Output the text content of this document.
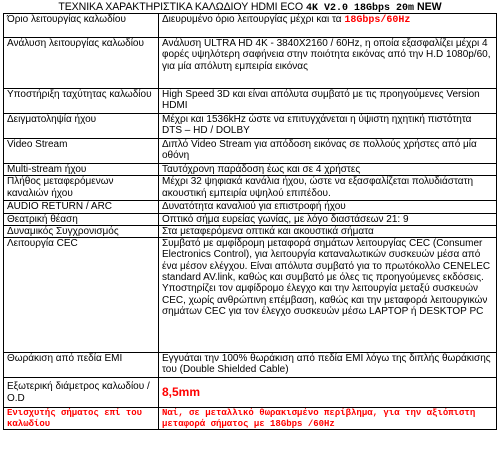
ΤΕΧΝΙΚΑ ΧΑΡΑΚΤΗΡΙΣΤΙΚΑ ΚΑΛΩΔΙΟΥ HDMI ECO 4K V2.0 18Gbps 20m NEW
Όριο λειτουργίας καλωδίου	Διευρυμένο όριο λειτουργίας μέχρι και τα 18Gbps/60Hz
Ανάλυση λειτουργίας καλωδίου	Ανάλυση ULTRA HD 4K - 3840X2160 / 60Hz, η οποία εξασφαλίζει μέχρι 4 φορές υψηλότερη σαφήνεια στην ποιότητα εικόνας από την H.D 1080p/60, για μία απόλυτη εμπειρία εικόνας
Υποστήριξη ταχύτητας καλωδίου	High Speed 3D και είναι απόλυτα συμβατό με τις προηγούμενες Version HDMI
Δειγματοληψία ήχου	Μέχρι και 1536kHz ώστε να επιτυγχάνεται η ύψιστη ηχητική πιστότητα DTS – HD / DOLBY
Video Stream	Διπλό Video Stream για απόδοση εικόνας σε πολλούς χρήστες από μία οθόνη
Multi-stream ήχου	Ταυτόχρονη παράδοση έως και σε 4 χρήστες
Πλήθος μεταφερόμενων καναλιών ήχου	Μέχρι 32 ψηφιακά κανάλια ήχου, ώστε να εξασφαλίζεται πολυδιάστατη ακουστική εμπειρία υψηλού επιπέδου.
AUDIO RETURN / ARC	Δυνατότητα καναλιού για επιστροφή ήχου
Θεατρική θέαση	Οπτικό σήμα ευρείας γωνίας, με λόγο διαστάσεων 21: 9
Δυναμικός Συγχρονισμός	Στα μεταφερόμενα οπτικά και ακουστικά σήματα
Λειτουργία CEC	Συμβατό με αμφίδρομη μεταφορά σημάτων λειτουργίας CEC (Consumer Electronics Control), για λειτουργία καταναλωτικών συσκευών μέσα από ένα μέσον ελέγχου. Είναι απόλυτα συμβατό για το πρωτόκολλο CENELEC standard AV.link, καθώς και συμβατό με όλες τις προηγούμενες εκδόσεις. Υποστηρίζει τον αμφίδρομο έλεγχο και την λειτουργία μεταξύ συσκευών CEC, χωρίς ανθρώπινη επέμβαση, καθώς και την μεταφορά λειτουργικών σημάτων CEC για τον έλεγχο συσκευών μέσω LAPTOP ή DESKTOP PC
Θωράκιση από πεδία EMI	Εγγυάται την 100% θωράκιση από πεδία EMI λόγω της διπλής θωράκισης του (Double Shielded Cable)
Εξωτερική διάμετρος καλωδίου / O.D	8,5mm
Ενισχυτής σήματος επί του καλωδίου	Ναί, σε μεταλλικό θωρακισμένο περίβλημα, για την αξιόπιστη μεταφορά σήματος με 18Gbps /60Hz
